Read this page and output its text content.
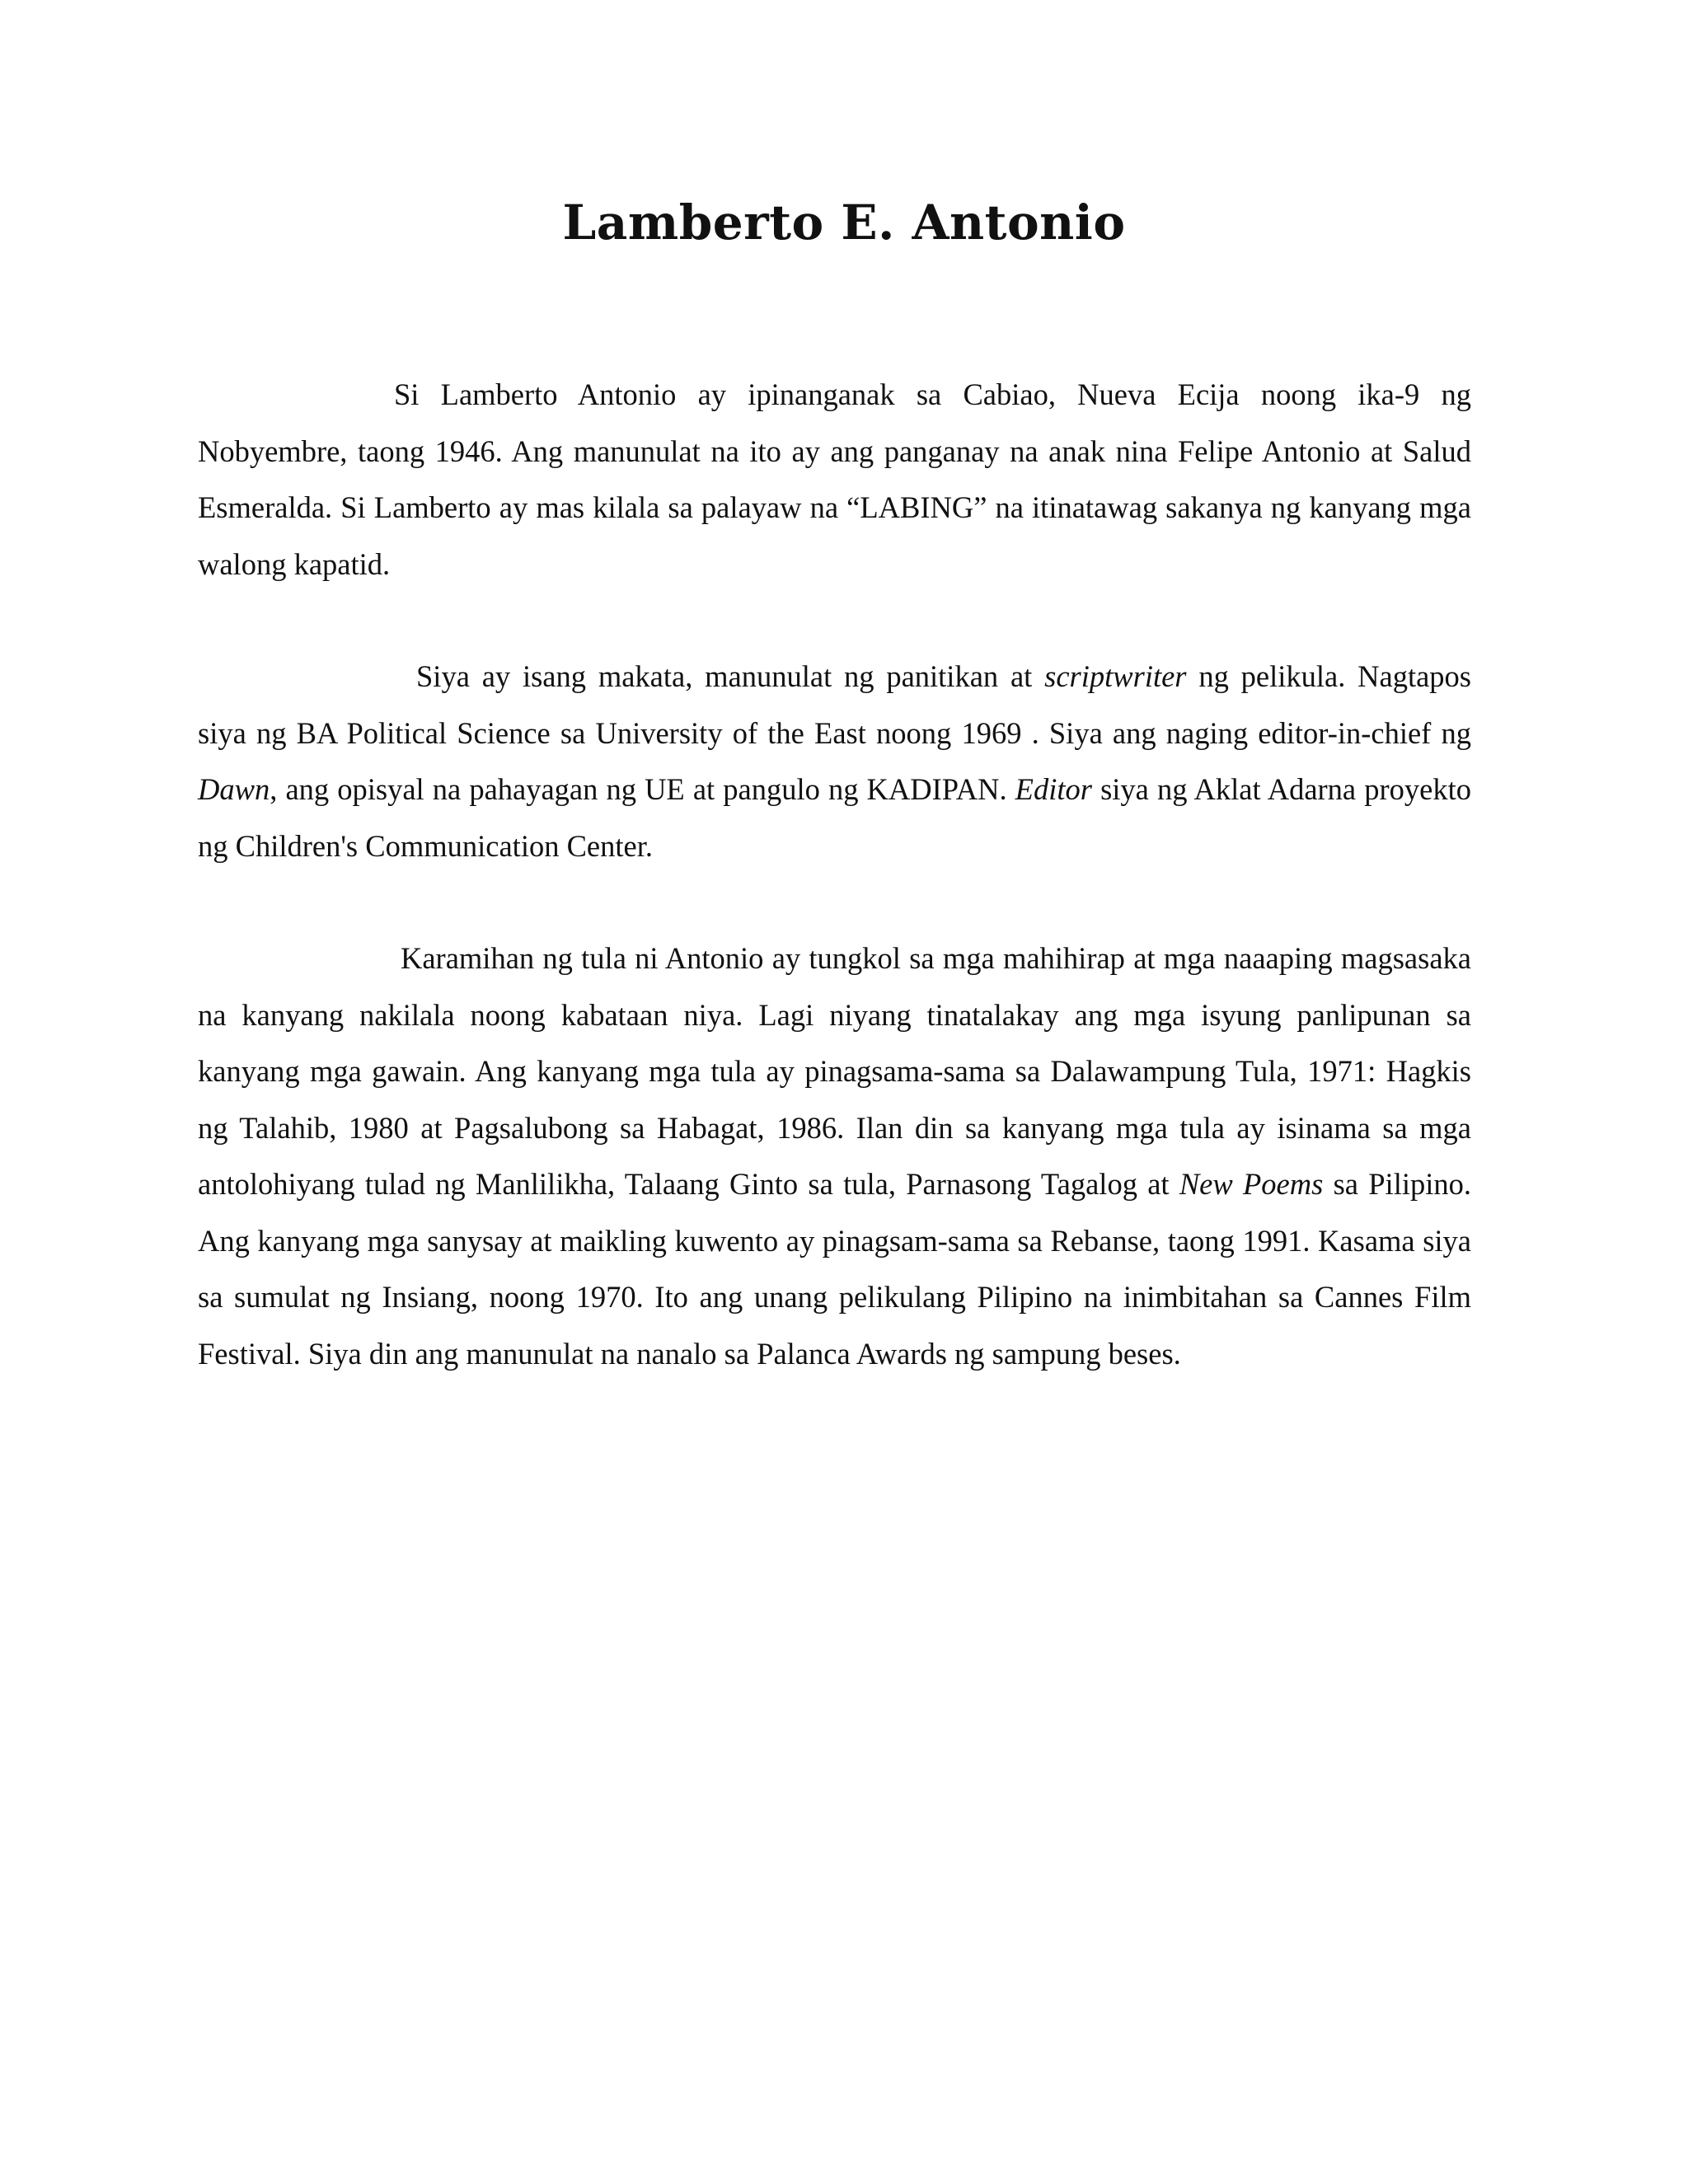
Lamberto E. Antonio

Si Lamberto Antonio ay ipinanganak sa Cabiao, Nueva Ecija noong ika-9 ng Nobyembre, taong 1946. Ang manunulat na ito ay ang panganay na anak nina Felipe Antonio at Salud Esmeralda. Si Lamberto ay mas kilala sa palayaw na “LABING” na itinatawag sakanya ng kanyang mga walong kapatid.

Siya ay isang makata, manunulat ng panitikan at scriptwriter ng pelikula. Nagtapos siya ng BA Political Science sa University of the East noong 1969 . Siya ang naging editor-in-chief ng Dawn, ang opisyal na pahayagan ng UE at pangulo ng KADIPAN. Editor siya ng Aklat Adarna proyekto ng Children's Communication Center.

Karamihan ng tula ni Antonio ay tungkol sa mga mahihirap at mga naaaping magsasaka na kanyang nakilala noong kabataan niya. Lagi niyang tinatalakay ang mga isyung panlipunan sa kanyang mga gawain. Ang kanyang mga tula ay pinagsama-sama sa Dalawampung Tula, 1971: Hagkis ng Talahib, 1980 at Pagsalubong sa Habagat, 1986. Ilan din sa kanyang mga tula ay isinama sa mga antolohiyang tulad ng Manlilikha, Talaang Ginto sa tula, Parnasong Tagalog at New Poems sa Pilipino. Ang kanyang mga sanysay at maikling kuwento ay pinagsam-sama sa Rebanse, taong 1991. Kasama siya sa sumulat ng Insiang, noong 1970. Ito ang unang pelikulang Pilipino na inimbitahan sa Cannes Film Festival. Siya din ang manunulat na nanalo sa Palanca Awards ng sampung beses.
